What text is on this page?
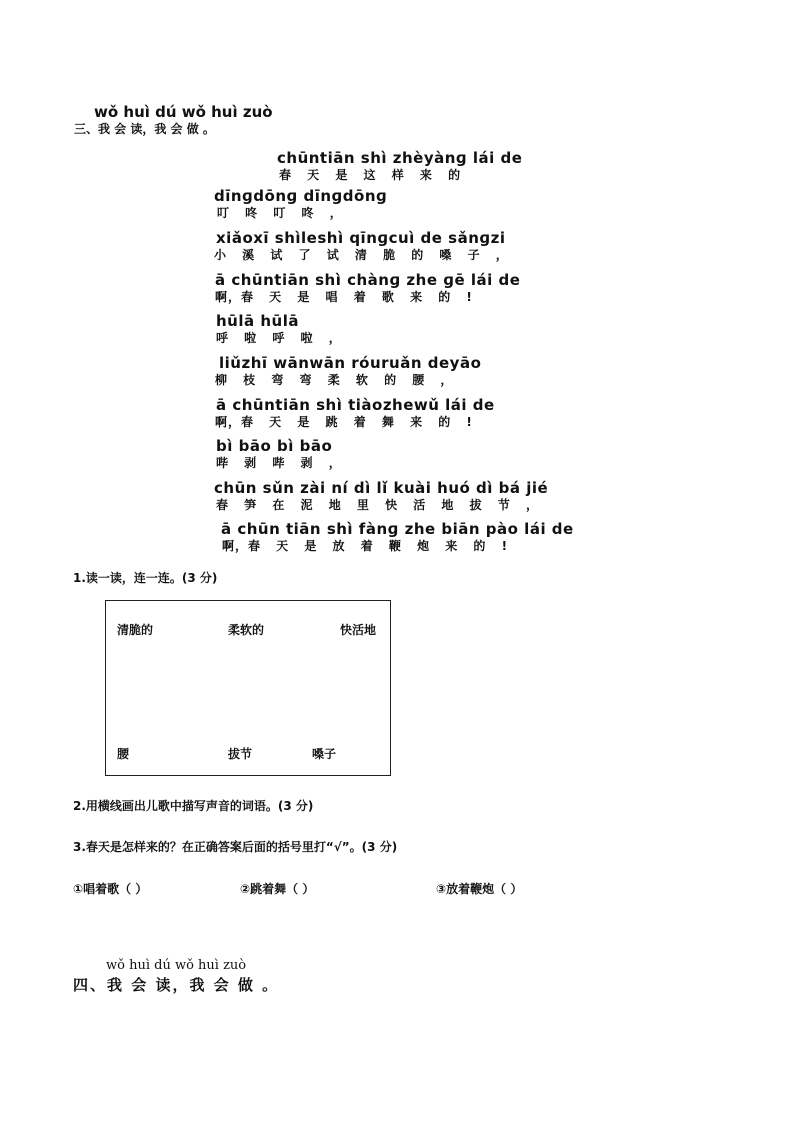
wǒ huì dú wǒ huì zuò
三、我 会 读，我 会 做 。
chūntiān shì zhèyànɡ lái de
春 天 是 这 样 来 的
dīnɡdōnɡ dīnɡdōnɡ
叮 咚 叮 咚 ，
xiǎoxī shìleshì qīnɡcuì de sǎnɡzi
小 溪 试 了 试 清 脆 的 嗓 子 ，
ā chūntiān shì chànɡ zhe ɡē lái de
啊，春 天 是 唱 着 歌 来 的 !
hūlā hūlā
呼 啦 呼 啦 ，
liǔzhī wānwān róuruǎn deyāo
柳 枝 弯 弯 柔 软 的 腰 ，
ā chūntiān shì tiàozhewǔ lái de
啊，春 天 是 跳 着 舞 来 的 !
bì bāo bì bāo
哔 剥 哔 剥 ，
chūn sǔn zài ní dì lǐ kuài huó dì bá jié
春 笋 在 泥 地 里 快 活 地 拔 节 ，
ā chūn tiān shì fànɡ zhe biān pào lái de
啊，春 天 是 放 着 鞭 炮 来 的 !
1.读一读，连一连。(3 分)
清脆的	柔软的	快活地
腰	拔节	嗓子
2.用横线画出儿歌中描写声音的词语。(3 分)
3.春天是怎样来的？在正确答案后面的括号里打“√”。(3 分)
①唱着歌（ ）	②跳着舞（ ）	③放着鞭炮（ ）
wǒ huì dú wǒ huì zuò
四、我 会 读，我 会 做 。
